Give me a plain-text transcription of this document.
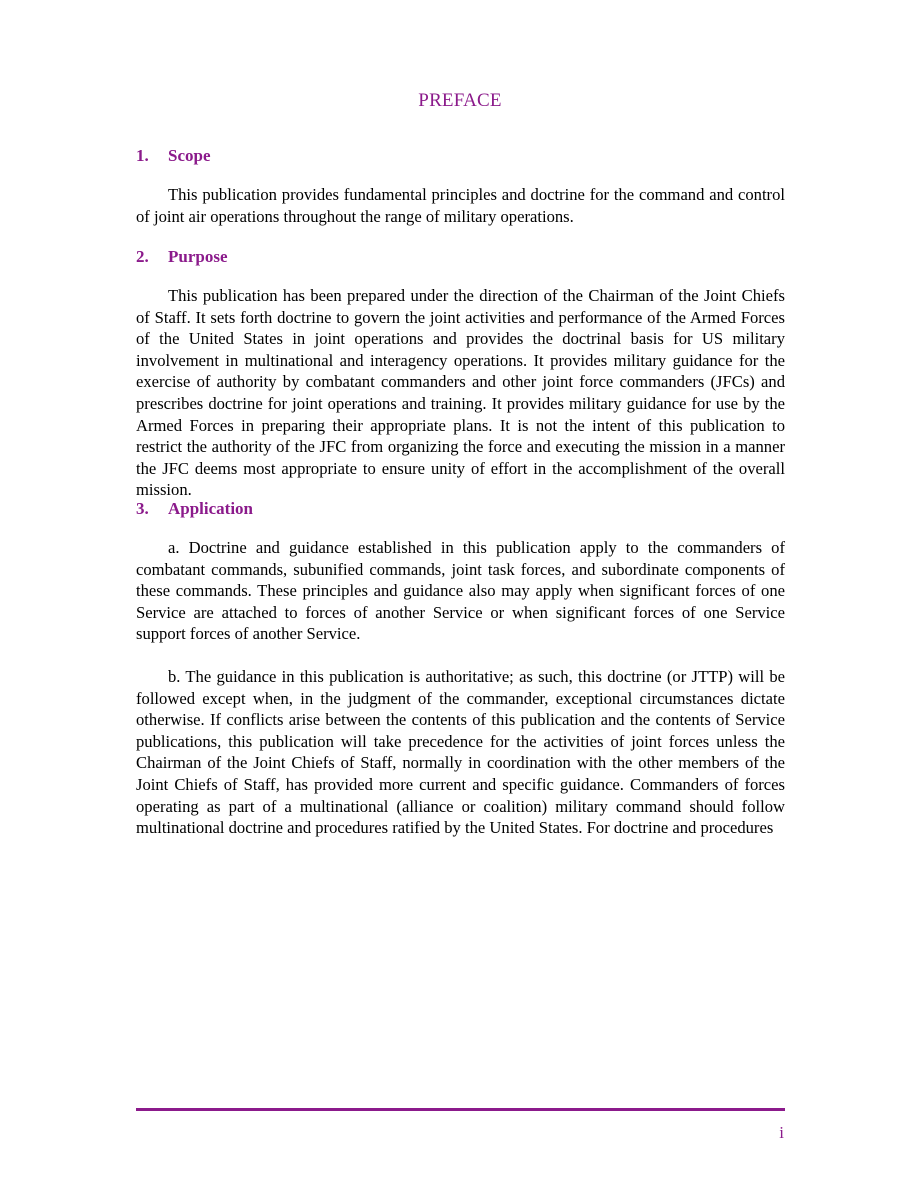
PREFACE
1. Scope

This publication provides fundamental principles and doctrine for the command and control of joint air operations throughout the range of military operations.

2. Purpose

This publication has been prepared under the direction of the Chairman of the Joint Chiefs of Staff. It sets forth doctrine to govern the joint activities and performance of the Armed Forces of the United States in joint operations and provides the doctrinal basis for US military involvement in multinational and interagency operations. It provides military guidance for the exercise of authority by combatant commanders and other joint force commanders (JFCs) and prescribes doctrine for joint operations and training. It provides military guidance for use by the Armed Forces in preparing their appropriate plans. It is not the intent of this publication to restrict the authority of the JFC from organizing the force and executing the mission in a manner the JFC deems most appropriate to ensure unity of effort in the accomplishment of the overall mission.

3. Application

a. Doctrine and guidance established in this publication apply to the commanders of combatant commands, subunified commands, joint task forces, and subordinate components of these commands. These principles and guidance also may apply when significant forces of one Service are attached to forces of another Service or when significant forces of one Service support forces of another Service.

b. The guidance in this publication is authoritative; as such, this doctrine (or JTTP) will be followed except when, in the judgment of the commander, exceptional circumstances dictate otherwise. If conflicts arise between the contents of this publication and the contents of Service publications, this publication will take precedence for the activities of joint forces unless the Chairman of the Joint Chiefs of Staff, normally in coordination with the other members of the Joint Chiefs of Staff, has provided more current and specific guidance. Commanders of forces operating as part of a multinational (alliance or coalition) military command should follow multinational doctrine and procedures ratified by the United States. For doctrine and procedures

i
